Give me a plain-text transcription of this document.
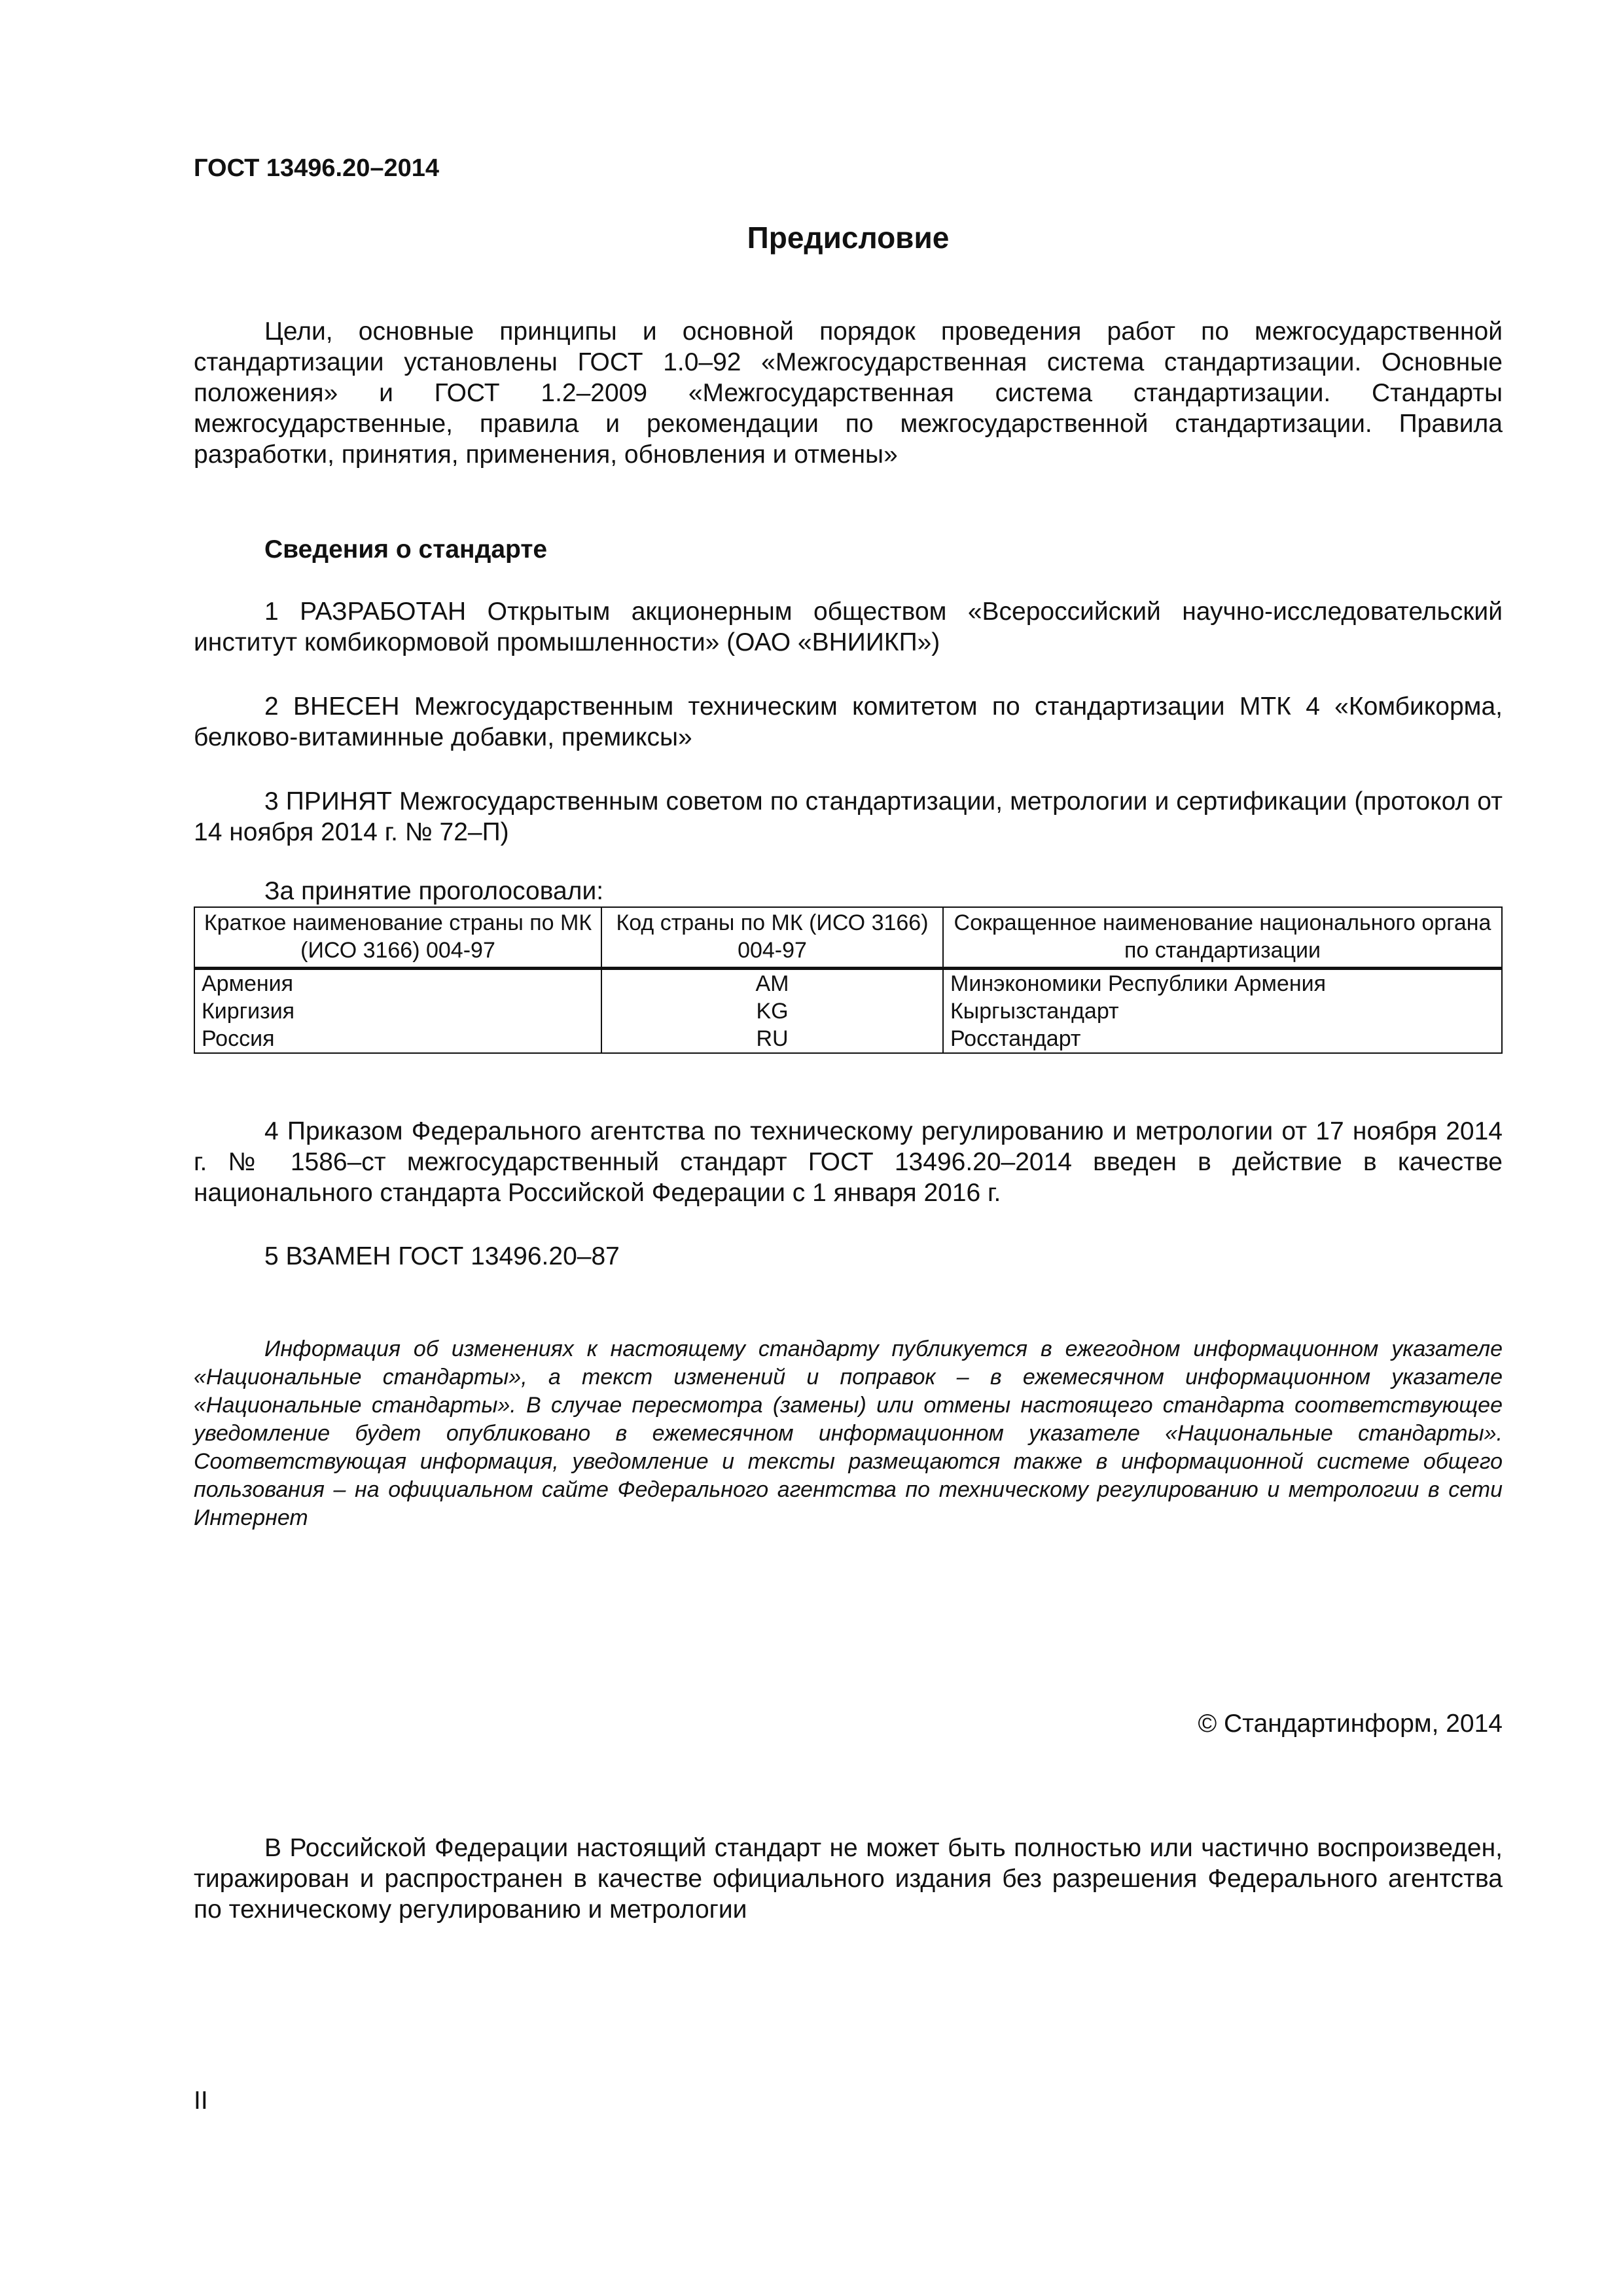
ГОСТ 13496.20–2014
Предисловие

Цели, основные принципы и основной порядок проведения работ по межгосударственной стандартизации установлены ГОСТ 1.0–92 «Межгосударственная система стандартизации. Основные положения» и ГОСТ 1.2–2009 «Межгосударственная система стандартизации. Стандарты межгосударственные, правила и рекомендации по межгосударственной стандартизации. Правила разработки, принятия, применения, обновления и отмены»

Сведения о стандарте

1 РАЗРАБОТАН Открытым акционерным обществом «Всероссийский научно-исследовательский институт комбикормовой промышленности» (ОАО «ВНИИКП»)

2 ВНЕСЕН Межгосударственным техническим комитетом по стандартизации МТК 4 «Комбикорма, белково-витаминные добавки, премиксы»

3 ПРИНЯТ Межгосударственным советом по стандартизации, метрологии и сертификации (протокол от 14 ноября 2014 г. № 72–П)

За принятие проголосовали:
Краткое наименование страны по МК (ИСО 3166) 004-97	Код страны по МК (ИСО 3166) 004-97	Сокращенное наименование национального органа по стандартизации
Армения	AM	Минэкономики Республики Армения
Киргизия	KG	Кыргызстандарт
Россия	RU	Росстандарт

4 Приказом Федерального агентства по техническому регулированию и метрологии от 17 ноября 2014 г. № 1586–ст межгосударственный стандарт ГОСТ 13496.20–2014 введен в действие в качестве национального стандарта Российской Федерации с 1 января 2016 г.

5 ВЗАМЕН ГОСТ 13496.20–87

Информация об изменениях к настоящему стандарту публикуется в ежегодном информационном указателе «Национальные стандарты», а текст изменений и поправок – в ежемесячном информационном указателе «Национальные стандарты». В случае пересмотра (замены) или отмены настоящего стандарта соответствующее уведомление будет опубликовано в ежемесячном информационном указателе «Национальные стандарты». Соответствующая информация, уведомление и тексты размещаются также в информационной системе общего пользования – на официальном сайте Федерального агентства по техническому регулированию и метрологии в сети Интернет

© Стандартинформ, 2014

В Российской Федерации настоящий стандарт не может быть полностью или частично воспроизведен, тиражирован и распространен в качестве официального издания без разрешения Федерального агентства по техническому регулированию и метрологии

II
